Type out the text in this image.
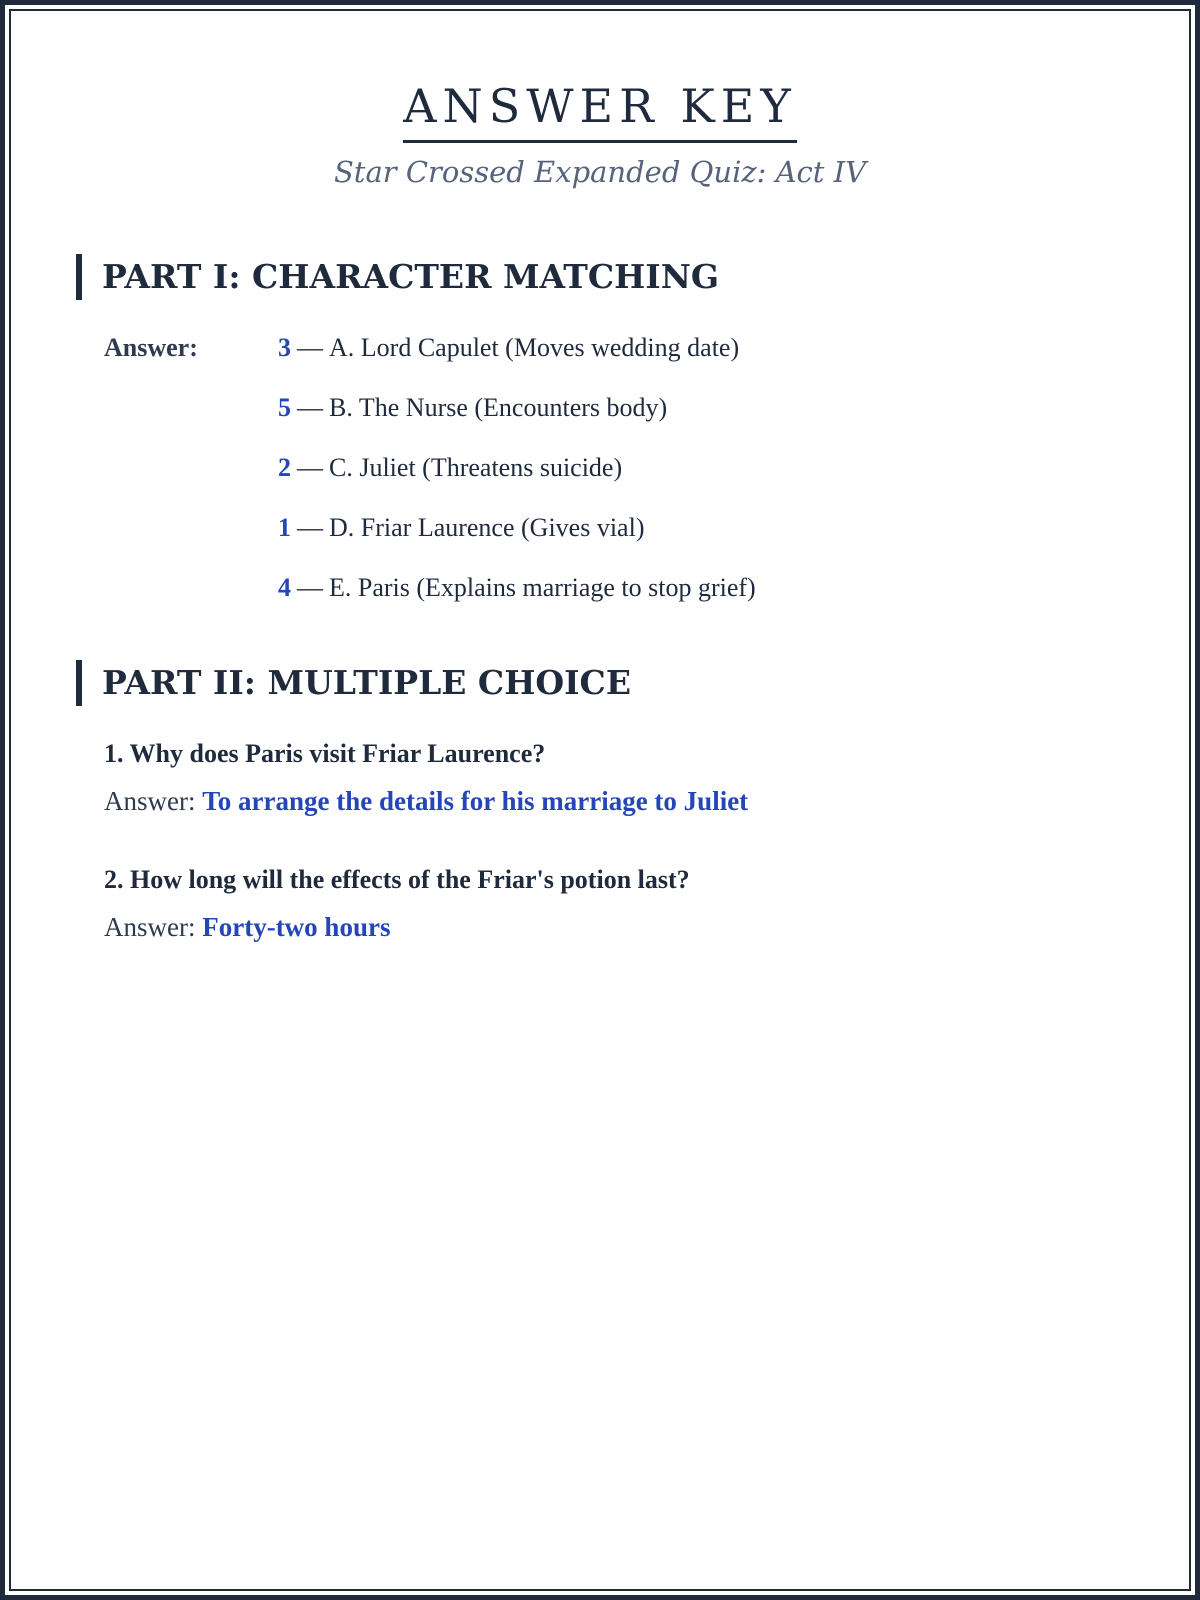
ANSWER KEY
Star Crossed Expanded Quiz: Act IV
PART I: CHARACTER MATCHING
Answer:	3 — A. Lord Capulet (Moves wedding date)
5 — B. The Nurse (Encounters body)
2 — C. Juliet (Threatens suicide)
1 — D. Friar Laurence (Gives vial)
4 — E. Paris (Explains marriage to stop grief)
PART II: MULTIPLE CHOICE
1. Why does Paris visit Friar Laurence?
Answer: To arrange the details for his marriage to Juliet
2. How long will the effects of the Friar's potion last?
Answer: Forty-two hours
